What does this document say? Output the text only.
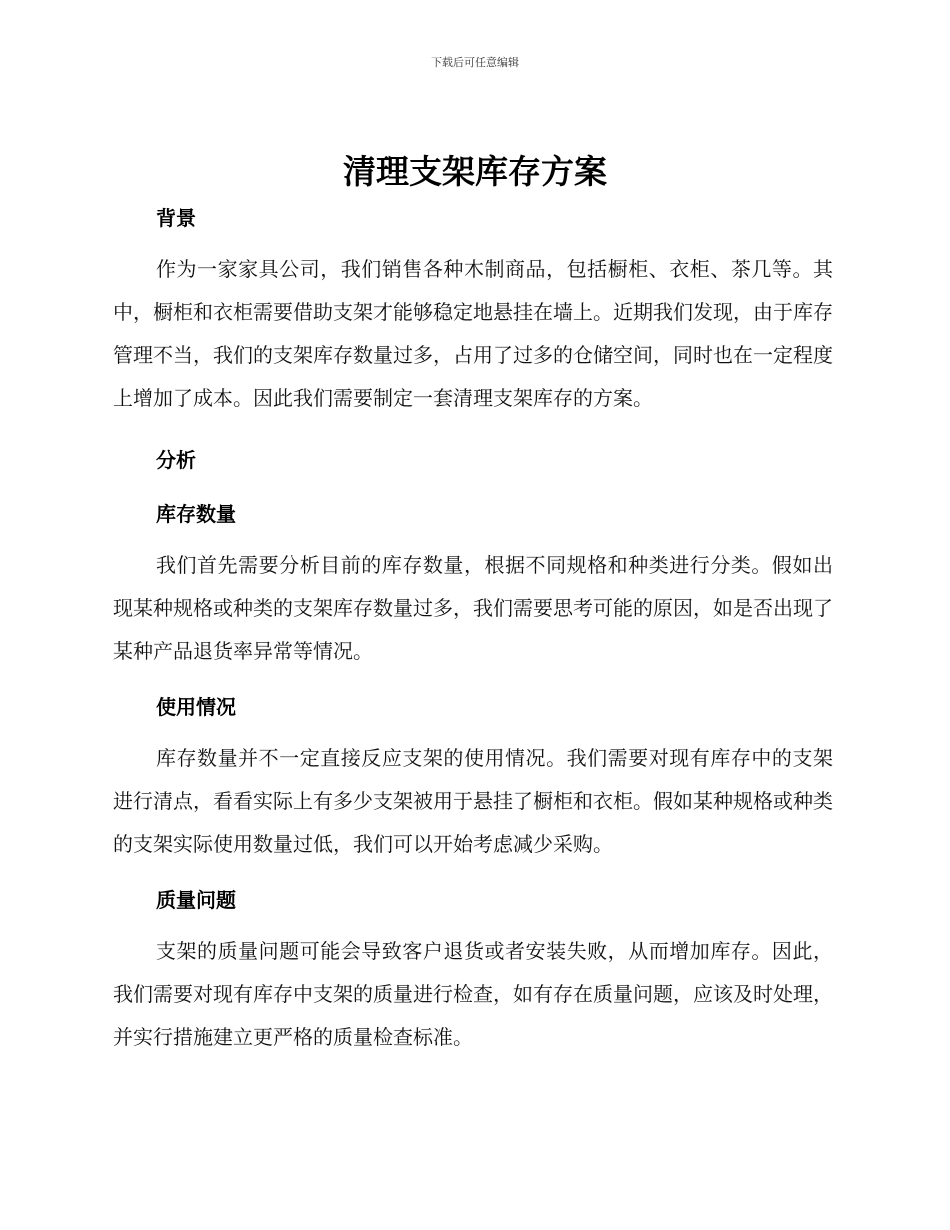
下载后可任意编辑
清理支架库存方案
背景

作为一家家具公司，我们销售各种木制商品，包括橱柜、衣柜、茶几等。其中，橱柜和衣柜需要借助支架才能够稳定地悬挂在墙上。近期我们发现，由于库存管理不当，我们的支架库存数量过多，占用了过多的仓储空间，同时也在一定程度上增加了成本。因此我们需要制定一套清理支架库存的方案。

分析
库存数量

我们首先需要分析目前的库存数量，根据不同规格和种类进行分类。假如出现某种规格或种类的支架库存数量过多，我们需要思考可能的原因，如是否出现了某种产品退货率异常等情况。

使用情况

库存数量并不一定直接反应支架的使用情况。我们需要对现有库存中的支架进行清点，看看实际上有多少支架被用于悬挂了橱柜和衣柜。假如某种规格或种类的支架实际使用数量过低，我们可以开始考虑减少采购。

质量问题

支架的质量问题可能会导致客户退货或者安装失败，从而增加库存。因此，我们需要对现有库存中支架的质量进行检查，如有存在质量问题，应该及时处理，并实行措施建立更严格的质量检查标准。
